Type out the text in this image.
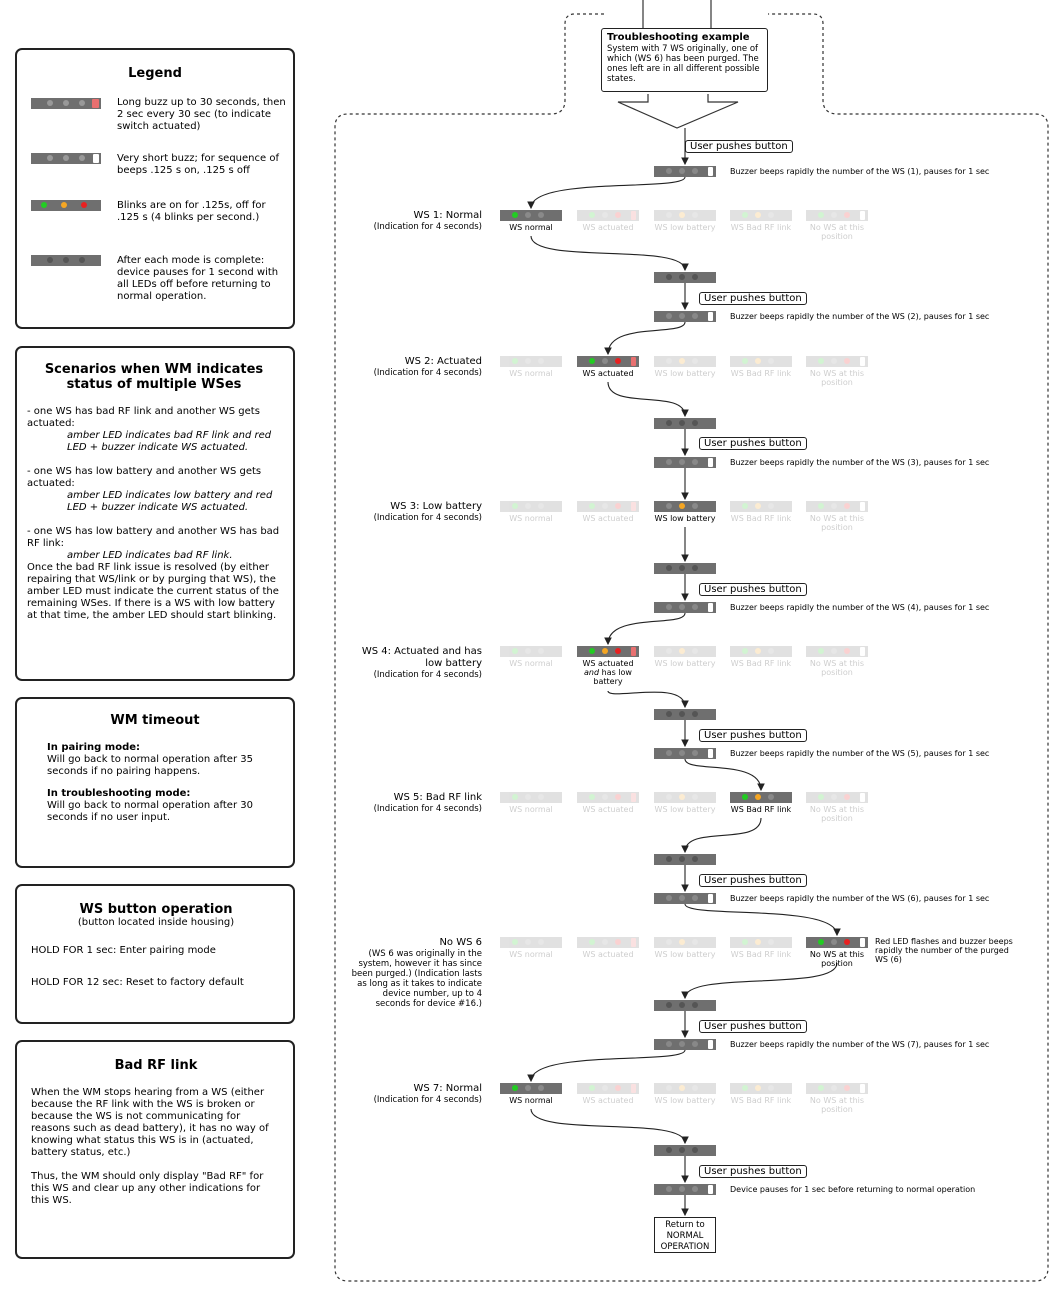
Legend
Long buzz up to 30 seconds, then 2 sec every 30 sec (to indicate switch actuated)
Very short buzz; for sequence of beeps .125 s on, .125 s off
Blinks are on for .125s, off for .125 s (4 blinks per second.)
After each mode is complete: device pauses for 1 second with all LEDs off before returning to normal operation.
Scenarios when WM indicates status of multiple WSes
- one WS has bad RF link and another WS gets actuated:

amber LED indicates bad RF link and red LED + buzzer indicate WS actuated.
- one WS has low battery and another WS gets actuated:

amber LED indicates low battery and red LED + buzzer indicate WS actuated.
- one WS has low battery and another WS has bad RF link:

amber LED indicates bad RF link.
Once the bad RF link issue is resolved (by either repairing that WS/link or by purging that WS), the amber LED must indicate the current status of the remaining WSes. If there is a WS with low battery at that time, the amber LED should start blinking.
WM timeout
In pairing mode:
Will go back to normal operation after 35 seconds if no pairing happens.
In troubleshooting mode:
Will go back to normal operation after 30 seconds if no user input.
WS button operation
(button located inside housing)
HOLD FOR 1 sec: Enter pairing mode
HOLD FOR 12 sec: Reset to factory default
Bad RF link
When the WM stops hearing from a WS (either because the RF link with the WS is broken or because the WS is not communicating for reasons such as dead battery), it has no way of knowing what status this WS is in (actuated, battery status, etc.)
Thus, the WM should only display "Bad RF" for this WS and clear up any other indications for this WS.
Troubleshooting example
System with 7 WS originally, one of which (WS 6) has been purged. The ones left are in all different possible states.
User pushes button
Buzzer beeps rapidly the number of the WS (1), pauses for 1 sec
WS 1: Normal
(Indication for 4 seconds)	WS normal	WS actuated	WS low battery	WS Bad RF link	No WS at this position
User pushes button
Buzzer beeps rapidly the number of the WS (2), pauses for 1 sec
WS 2: Actuated
(Indication for 4 seconds)	WS normal	WS actuated	WS low battery	WS Bad RF link	No WS at this position
User pushes button
Buzzer beeps rapidly the number of the WS (3), pauses for 1 sec
WS 3: Low battery
(Indication for 4 seconds)	WS normal	WS actuated	WS low battery	WS Bad RF link	No WS at this position
User pushes button
Buzzer beeps rapidly the number of the WS (4), pauses for 1 sec
WS 4: Actuated and has low battery
(Indication for 4 seconds)
WS normal	WS actuated
and has low battery
WS low battery	WS Bad RF link	No WS at this position
User pushes button
Buzzer beeps rapidly the number of the WS (5), pauses for 1 sec
WS 5: Bad RF link
(Indication for 4 seconds)	WS normal	WS actuated	WS low battery	WS Bad RF link	No WS at this position
User pushes button
Buzzer beeps rapidly the number of the WS (6), pauses for 1 sec
No WS 6
(WS 6 was originally in the system, however it has since been purged.) (Indication lasts as long as it takes to indicate device number, up to 4 seconds for device #16.)
WS normal	WS actuated	WS low battery	WS Bad RF link	No WS at this position
User pushes button
Buzzer beeps rapidly the number of the WS (7), pauses for 1 sec
WS 7: Normal
(Indication for 4 seconds)	WS normal	WS actuated	WS low battery	WS Bad RF link	No WS at this position
Red LED flashes and buzzer beeps rapidly the number of the purged WS (6)
User pushes button
Device pauses for 1 sec before returning to normal operation
Return to NORMAL OPERATION
